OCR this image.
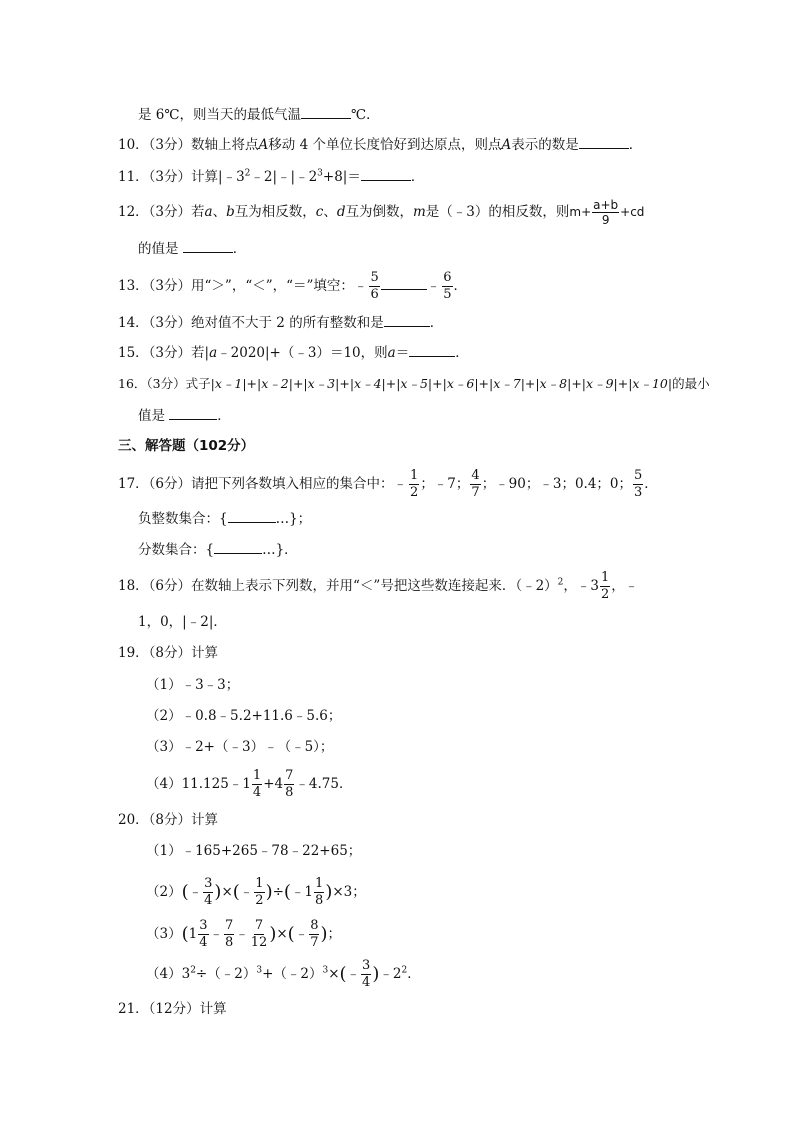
是 6℃，则当天的最低气温	℃．
10．（3分）数轴上将点A移动 4 个单位长度恰好到达原点，则点A表示的数是	．
11．（3分）计算$|﹣3^2﹣2|﹣|﹣2^3+8|=$	．
12．（3分）若a、b互为相反数，c、d互为倒数，m是（﹣3）的相反数，则$m+ \frac{a+b}{9} +cd$
的值是	．
13．（3分）用“＞”，“＜”，“＝”填空：﹣ $\frac{5}{6}$	﹣ $\frac{6}{5}$ ．
14．（3分）绝对值不大于 2 的所有整数和是	．
15．（3分）若|a﹣2020|+（﹣3）＝10，则a＝	．
16．（3分）式子|x﹣1|+|x﹣2|+|x﹣3|+|x﹣4|+|x﹣5|+|x﹣6|+|x﹣7|+|x﹣8|+|x﹣9|+|x﹣10|的最小
值是	．
三、解答题（102分）
17．（6分）请把下列各数填入相应的集合中：﹣ $\frac{1}{2}$ ；﹣7； $\frac{4}{7}$ ；﹣90；﹣3；0.4；0； $\frac{5}{3}$ ．
负整数集合：{	…}；
分数集合：{	…}．
18．（6分）在数轴上表示下列数，并用“＜”号把这些数连接起来．（﹣2）$^2$，﹣3 $\frac{1}{2}$ ，﹣
1，0，|﹣2|．
19．（8分）计算
（1）﹣3﹣3；
（2）﹣0.8﹣5.2+11.6﹣5.6；
（3）﹣2+（﹣3）﹣（﹣5）；
（4）11.125﹣1 $\frac{1}{4} +4 \frac{7}{8}$ ﹣4.75．
20．（8分）计算
（1）﹣165+265﹣78﹣22+65；
（2）(﹣ $\frac{3}{4}$ )×(﹣ $\frac{1}{2}$ )÷(﹣1 $\frac{1}{8} )\times 3$；
$(3)(1 \frac{3}{4}$ ﹣ $\frac{7}{8}$ ﹣ $\frac{7}{12}$ )×(﹣ $\frac{8}{7}$ )；
$(4)3^2\div(﹣2)^3+(﹣2)^3\times(﹣ \frac{3}{4}$ )$﹣2^2$．
21．（12分）计算
